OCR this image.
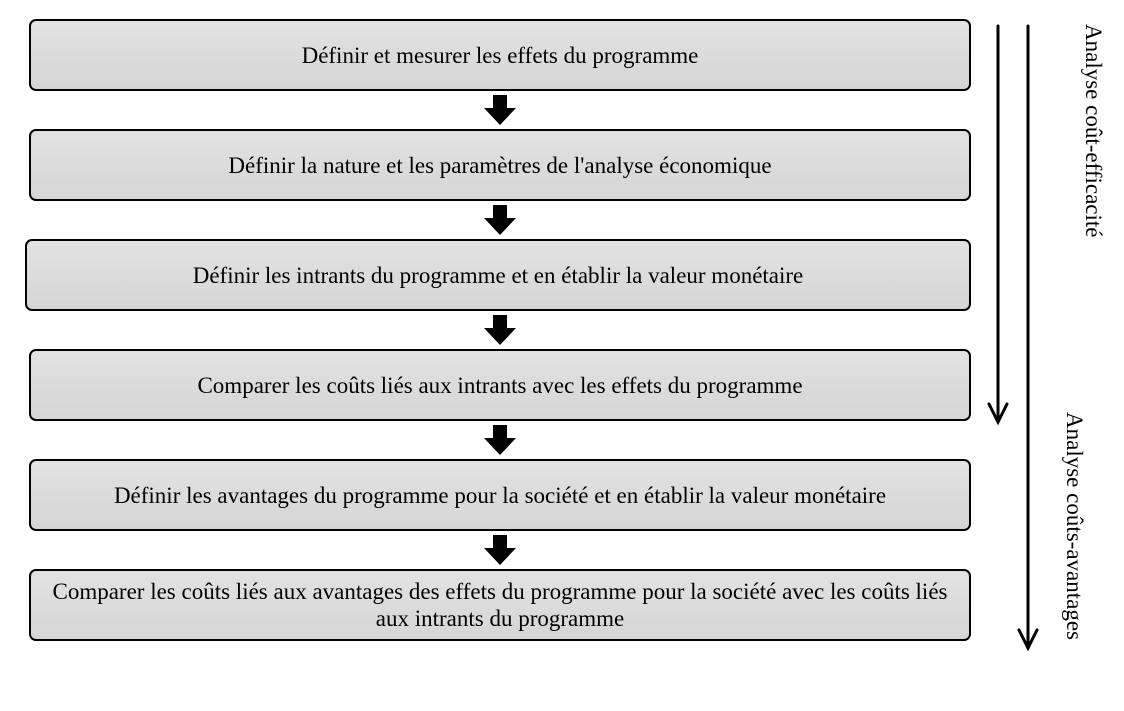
Définir et mesurer les effets du programme
Définir la nature et les paramètres de l'analyse économique
Définir les intrants du programme et en établir la valeur monétaire
Comparer les coûts liés aux intrants avec les effets du programme
Définir les avantages du programme pour la société et en établir la valeur monétaire
Comparer les coûts liés aux avantages des effets du programme pour la société avec les coûts liés aux intrants du programme
Analyse coût-efficacité
Analyse coûts-avantages
